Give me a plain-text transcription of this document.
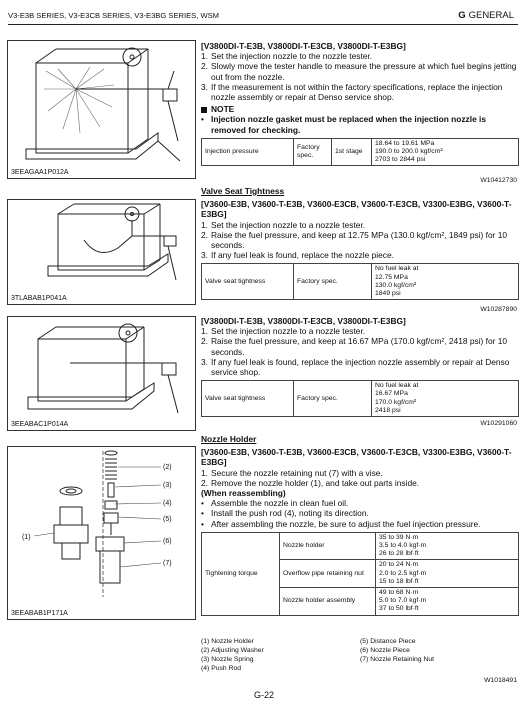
V3-E3B SERIES, V3-E3CB SERIES, V3-E3BG SERIES, WSM	G GENERAL
3EEAGAA1P012A
3TLABAB1P041A
3EEABAC1P014A
(2)
(3)
(4)
(5)
(6)
(7)
(1)
3EEABAB1P171A
[V3800DI-T-E3B, V3800DI-T-E3CB, V3800DI-T-E3BG]
1. Set the injection nozzle to the nozzle tester.
2. Slowly move the tester handle to measure the pressure at which fuel begins jetting out from the nozzle.
3. If the measurement is not within the factory specifications, replace the injection nozzle assembly or repair at Denso service shop.
NOTE
• Injection nozzle gasket must be replaced when the injection nozzle is removed for checking.
Injection pressure	Factory spec.	1st stage	
18.64 to 19.61 MPa
190.0 to 200.0 kgf/cm²
2703 to 2844 psi
W10412730
Valve Seat Tightness
[V3600-E3B, V3600-T-E3B, V3600-E3CB, V3600-T-E3CB, V3300-E3BG, V3600-T-E3BG]
1. Set the injection nozzle to a nozzle tester.
2. Raise the fuel pressure, and keep at 12.75 MPa (130.0 kgf/cm², 1849 psi) for 10 seconds.
3. If any fuel leak is found, replace the nozzle piece.
Valve seat tightness	Factory spec.	
No fuel leak at
12.75 MPa
130.0 kgf/cm²
1849 psi
W10287890
[V3800DI-T-E3B, V3800DI-T-E3CB, V3800DI-T-E3BG]
1. Set the injection nozzle to a nozzle tester.
2. Raise the fuel pressure, and keep at 16.67 MPa (170.0 kgf/cm², 2418 psi) for 10 seconds.
3. If any fuel leak is found, replace the injection nozzle assembly or repair at Denso service shop.
Valve seat tightness	Factory spec.	
No fuel leak at
16.67 MPa
170.0 kgf/cm²
2418 psi
W10291060
Nozzle Holder
[V3600-E3B, V3600-T-E3B, V3600-E3CB, V3600-T-E3CB, V3300-E3BG, V3600-T-E3BG]
1. Secure the nozzle retaining nut (7) with a vise.
2. Remove the nozzle holder (1), and take out parts inside.
(When reassembling)
• Assemble the nozzle in clean fuel oil.
• Install the push rod (4), noting its direction.
• After assembling the nozzle, be sure to adjust the fuel injection pressure.
Tightening torque	Nozzle holder	35 to 39 N·m
3.5 to 4.0 kgf·m
26 to 28 lbf·ft

	Overflow pipe retaining nut	20 to 24 N·m
2.0 to 2.5 kgf·m
15 to 18 lbf·ft

	Nozzle holder assembly	49 to 68 N·m
5.0 to 7.0 kgf·m
37 to 50 lbf·ft
(1) Nozzle Holder	(5) Distance Piece
(2) Adjusting Washer	(6) Nozzle Piece
(3) Nozzle Spring	(7) Nozzle Retaining Nut
(4) Push Rod
W1018491
G-22
